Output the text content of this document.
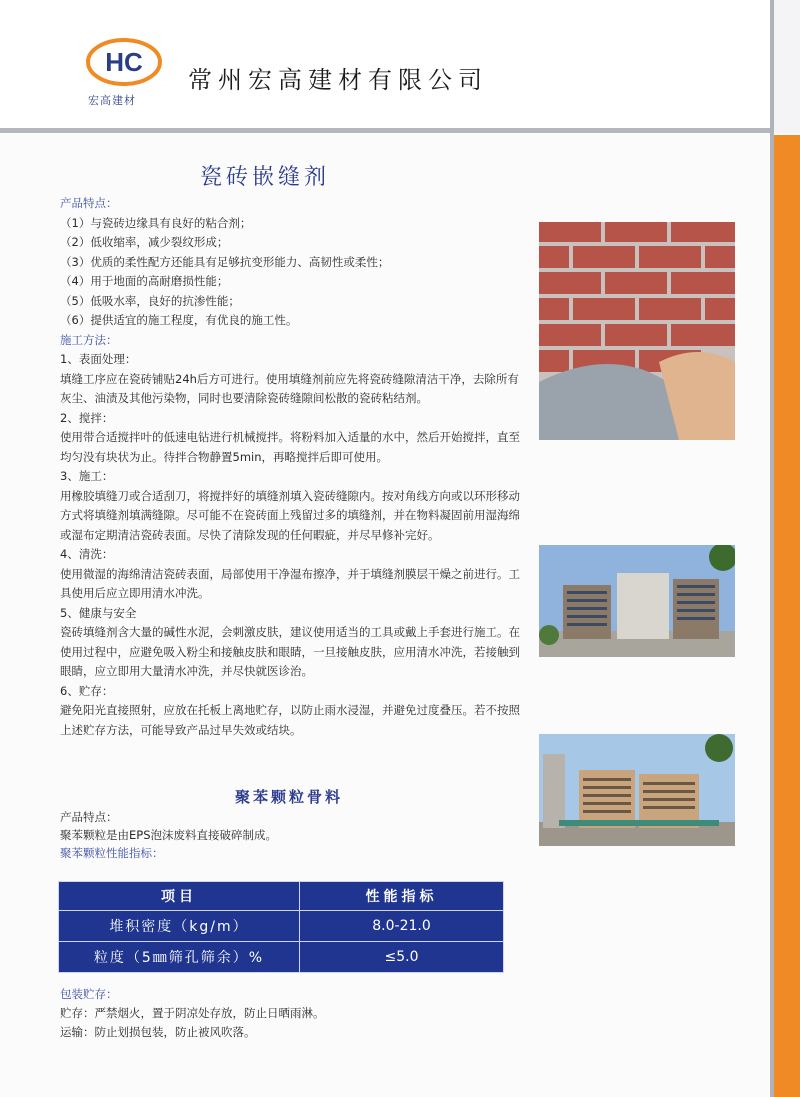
HC
宏高建材
常州宏高建材有限公司
瓷砖嵌缝剂

产品特点：

（1）与瓷砖边缘具有良好的粘合剂；

（2）低收缩率，减少裂纹形成；

（3）优质的柔性配方还能具有足够抗变形能力、高韧性或柔性；

（4）用于地面的高耐磨损性能；

（5）低吸水率，良好的抗渗性能；

（6）提供适宜的施工程度，有优良的施工性。

施工方法：

1、表面处理：

填缝工序应在瓷砖铺贴24h后方可进行。使用填缝剂前应先将瓷砖缝隙清洁干净，去除所有灰尘、油渍及其他污染物，同时也要清除瓷砖缝隙间松散的瓷砖粘结剂。

2、搅拌：

使用带合适搅拌叶的低速电钻进行机械搅拌。将粉料加入适量的水中，然后开始搅拌，直至均匀没有块状为止。待拌合物静置5min，再略搅拌后即可使用。

3、施工：

用橡胶填缝刀或合适刮刀，将搅拌好的填缝剂填入瓷砖缝隙内。按对角线方向或以环形移动方式将填缝剂填满缝隙。尽可能不在瓷砖面上残留过多的填缝剂，并在物料凝固前用湿海绵或湿布定期清洁瓷砖表面。尽快了清除发现的任何暇疵，并尽早修补完好。

4、清洗：

使用微湿的海绵清洁瓷砖表面，局部使用干净湿布擦净，并于填缝剂膜层干燥之前进行。工具使用后应立即用清水冲洗。

5、健康与安全

瓷砖填缝剂含大量的碱性水泥，会刺激皮肤，建议使用适当的工具或戴上手套进行施工。在使用过程中，应避免吸入粉尘和接触皮肤和眼睛，一旦接触皮肤，应用清水冲洗，若接触到眼睛，应立即用大量清水冲洗，并尽快就医诊治。

6、贮存：

避免阳光直接照射，应放在托板上离地贮存，以防止雨水浸湿，并避免过度叠压。若不按照上述贮存方法，可能导致产品过早失效或结块。

聚苯颗粒骨料
产品特点：
聚苯颗粒是由EPS泡沫废料直接破碎制成。
聚苯颗粒性能指标：
项目	性能指标
堆积密度（kg/m）	8.0-21.0
粒度（5㎜筛孔筛余）%	≤5.0
包装贮存：
贮存：严禁烟火，置于阴凉处存放，防止日晒雨淋。
运输：防止划损包装，防止被风吹落。
